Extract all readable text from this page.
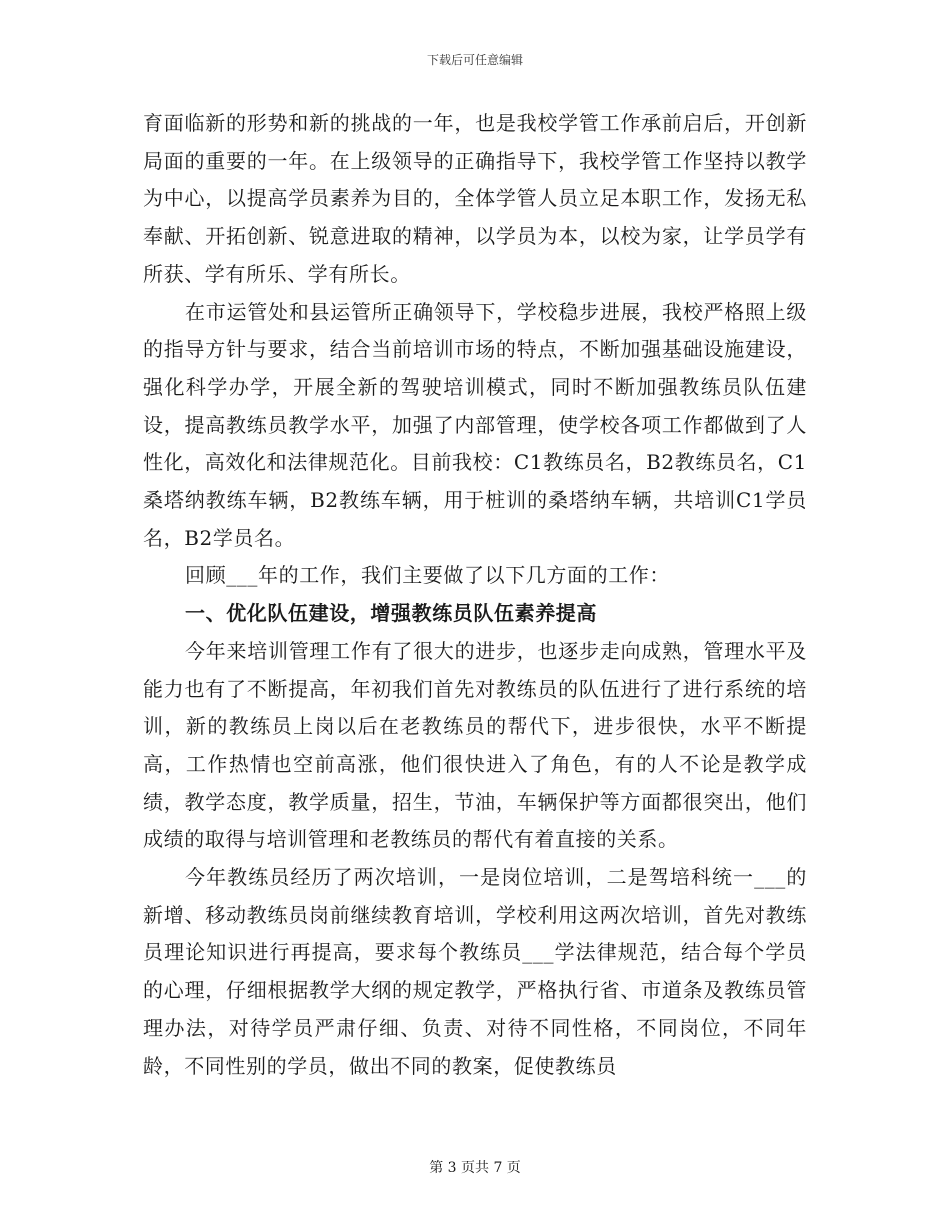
下载后可任意编辑

育面临新的形势和新的挑战的一年，也是我校学管工作承前启后，开创新局面的重要的一年。在上级领导的正确指导下，我校学管工作坚持以教学为中心，以提高学员素养为目的，全体学管人员立足本职工作，发扬无私奉献、开拓创新、锐意进取的精神，以学员为本，以校为家，让学员学有所获、学有所乐、学有所长。

在市运管处和县运管所正确领导下，学校稳步进展，我校严格照上级的指导方针与要求，结合当前培训市场的特点，不断加强基础设施建设，强化科学办学，开展全新的驾驶培训模式，同时不断加强教练员队伍建设，提高教练员教学水平，加强了内部管理，使学校各项工作都做到了人性化，高效化和法律规范化。目前我校：C1教练员名，B2教练员名，C1桑塔纳教练车辆，B2教练车辆，用于桩训的桑塔纳车辆，共培训C1学员名，B2学员名。

回顾___年的工作，我们主要做了以下几方面的工作：

一、优化队伍建设，增强教练员队伍素养提高

今年来培训管理工作有了很大的进步，也逐步走向成熟，管理水平及能力也有了不断提高，年初我们首先对教练员的队伍进行了进行系统的培训，新的教练员上岗以后在老教练员的帮代下，进步很快，水平不断提高，工作热情也空前高涨，他们很快进入了角色，有的人不论是教学成绩，教学态度，教学质量，招生，节油，车辆保护等方面都很突出，他们成绩的取得与培训管理和老教练员的帮代有着直接的关系。

今年教练员经历了两次培训，一是岗位培训，二是驾培科统一___的新增、移动教练员岗前继续教育培训，学校利用这两次培训，首先对教练员理论知识进行再提高，要求每个教练员___学法律规范，结合每个学员的心理，仔细根据教学大纲的规定教学，严格执行省、市道条及教练员管理办法，对待学员严肃仔细、负责、对待不同性格，不同岗位，不同年龄，不同性别的学员，做出不同的教案，促使教练员

第 3 页共 7 页
